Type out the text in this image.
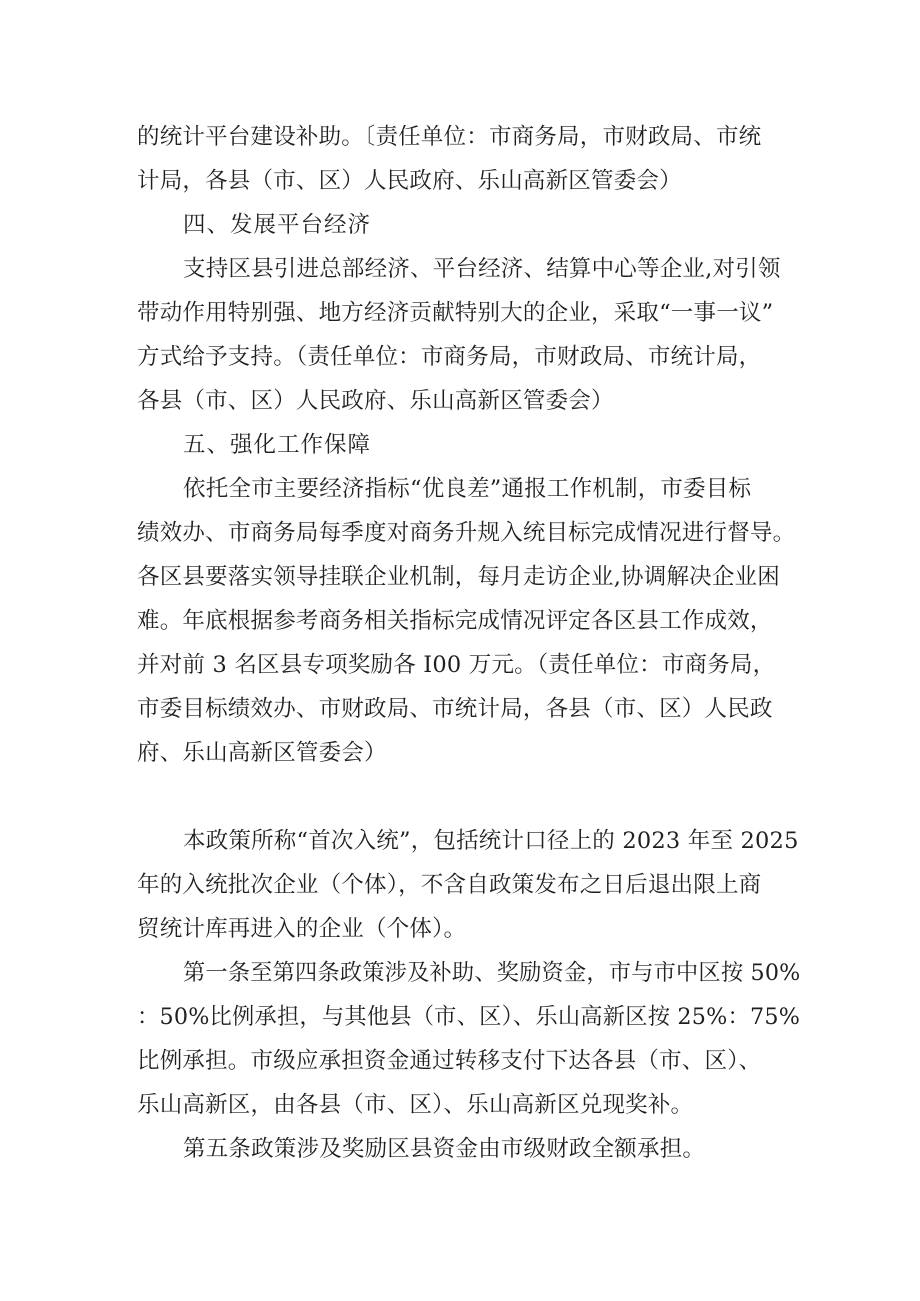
的统计平台建设补助。〔责任单位：市商务局，市财政局、市统

计局，各县（市、区）人民政府、乐山高新区管委会）

四、发展平台经济

支持区县引进总部经济、平台经济、结算中心等企业,对引领

带动作用特别强、地方经济贡献特别大的企业，采取“一事一议”

方式给予支持。（责任单位：市商务局，市财政局、市统计局，

各县（市、区）人民政府、乐山高新区管委会）

五、强化工作保障

依托全市主要经济指标“优良差”通报工作机制，市委目标

绩效办、市商务局每季度对商务升规入统目标完成情况进行督导。

各区县要落实领导挂联企业机制，每月走访企业,协调解决企业困

难。年底根据参考商务相关指标完成情况评定各区县工作成效，

并对前 3 名区县专项奖励各 I00 万元。（责任单位：市商务局，

市委目标绩效办、市财政局、市统计局，各县（市、区）人民政

府、乐山高新区管委会）

本政策所称“首次入统”，包括统计口径上的 2023 年至 2025

年的入统批次企业（个体），不含自政策发布之日后退出限上商

贸统计库再进入的企业（个体）。

第一条至第四条政策涉及补助、奖励资金，市与市中区按 50%

：50%比例承担，与其他县（市、区）、乐山高新区按 25%：75%

比例承担。市级应承担资金通过转移支付下达各县（市、区）、

乐山高新区，由各县（市、区）、乐山高新区兑现奖补。

第五条政策涉及奖励区县资金由市级财政全额承担。
